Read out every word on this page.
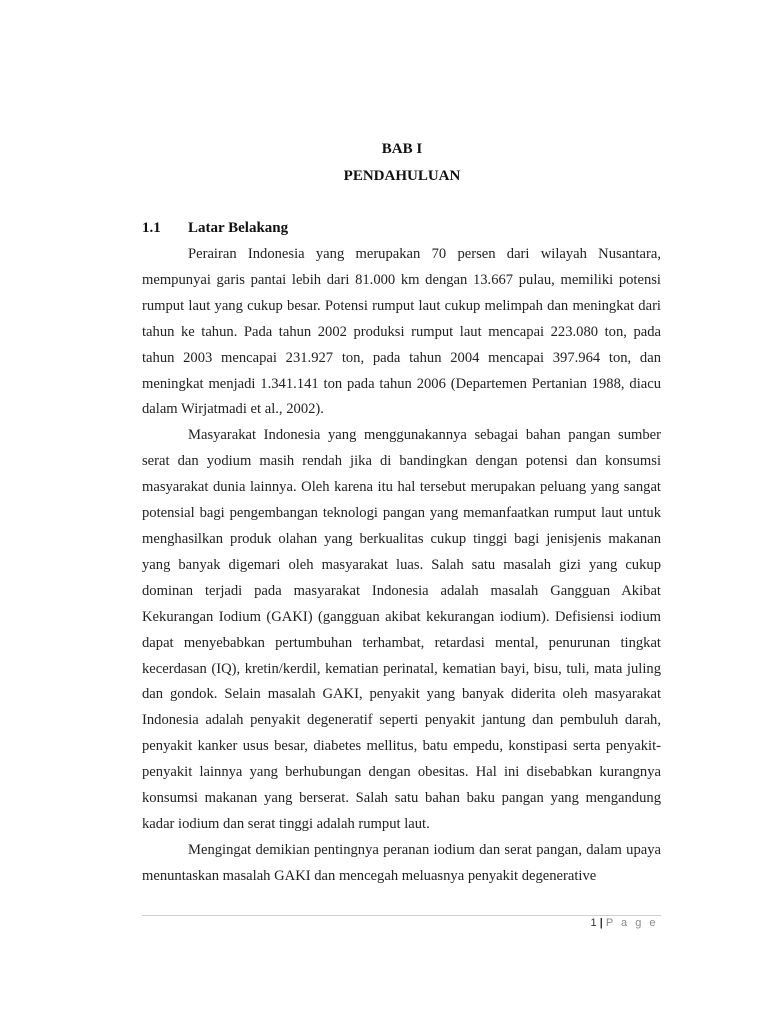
BAB I
PENDAHULUAN
1.1 Latar Belakang

Perairan Indonesia yang merupakan 70 persen dari wilayah Nusantara, mempunyai garis pantai lebih dari 81.000 km dengan 13.667 pulau, memiliki potensi rumput laut yang cukup besar. Potensi rumput laut cukup melimpah dan meningkat dari tahun ke tahun. Pada tahun 2002 produksi rumput laut mencapai 223.080 ton, pada tahun 2003 mencapai 231.927 ton, pada tahun 2004 mencapai 397.964 ton, dan meningkat menjadi 1.341.141 ton pada tahun 2006 (Departemen Pertanian 1988, diacu dalam Wirjatmadi et al., 2002).

Masyarakat Indonesia yang menggunakannya sebagai bahan pangan sumber serat dan yodium masih rendah jika di bandingkan dengan potensi dan konsumsi masyarakat dunia lainnya. Oleh karena itu hal tersebut merupakan peluang yang sangat potensial bagi pengembangan teknologi pangan yang memanfaatkan rumput laut untuk menghasilkan produk olahan yang berkualitas cukup tinggi bagi jenisjenis makanan yang banyak digemari oleh masyarakat luas. Salah satu masalah gizi yang cukup dominan terjadi pada masyarakat Indonesia adalah masalah Gangguan Akibat Kekurangan Iodium (GAKI) (gangguan akibat kekurangan iodium). Defisiensi iodium dapat menyebabkan pertumbuhan terhambat, retardasi mental, penurunan tingkat kecerdasan (IQ), kretin/kerdil, kematian perinatal, kematian bayi, bisu, tuli, mata juling dan gondok. Selain masalah GAKI, penyakit yang banyak diderita oleh masyarakat Indonesia adalah penyakit degeneratif seperti penyakit jantung dan pembuluh darah, penyakit kanker usus besar, diabetes mellitus, batu empedu, konstipasi serta penyakit-penyakit lainnya yang berhubungan dengan obesitas. Hal ini disebabkan kurangnya konsumsi makanan yang berserat. Salah satu bahan baku pangan yang mengandung kadar iodium dan serat tinggi adalah rumput laut.

Mengingat demikian pentingnya peranan iodium dan serat pangan, dalam upaya menuntaskan masalah GAKI dan mencegah meluasnya penyakit degenerative

1 | P a g e
